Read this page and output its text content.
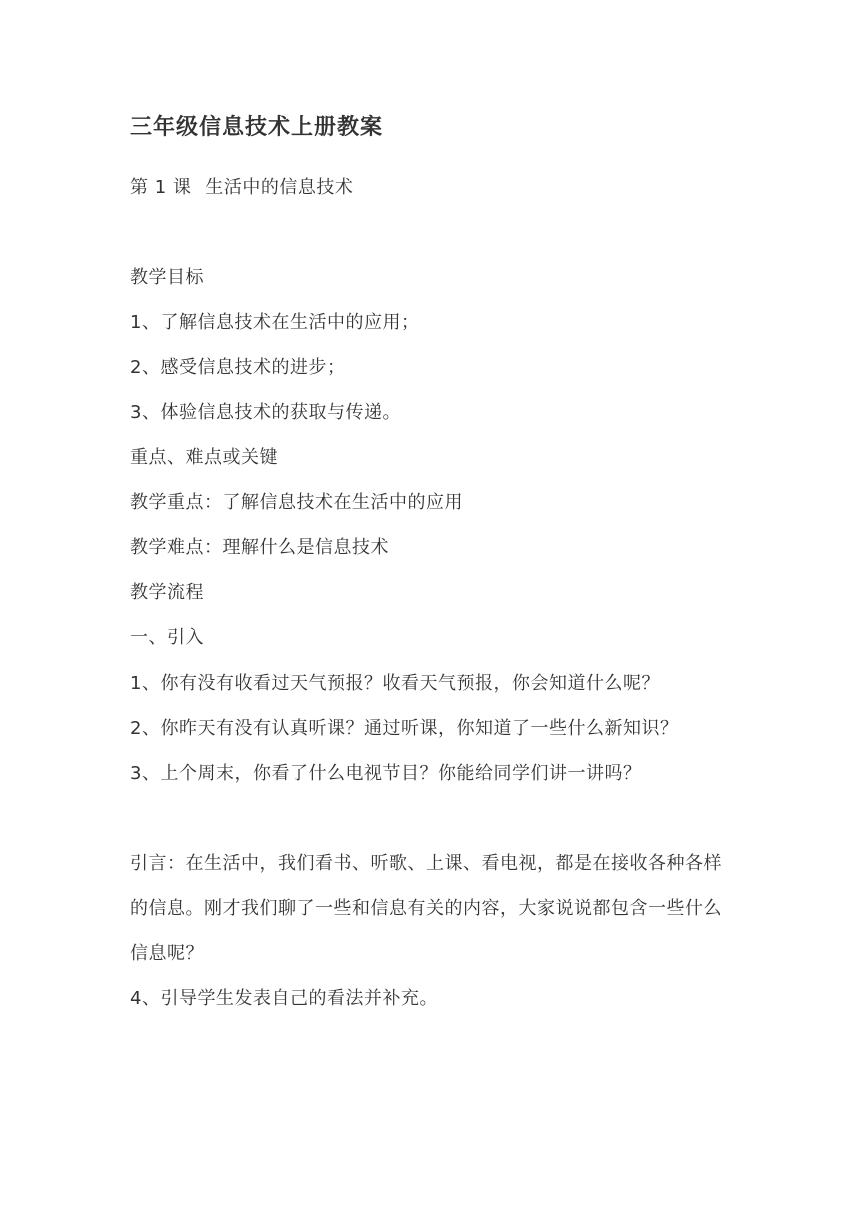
三年级信息技术上册教案
第 1 课 生活中的信息技术
教学目标
1、了解信息技术在生活中的应用；
2、感受信息技术的进步；
3、体验信息技术的获取与传递。
重点、难点或关键
教学重点：了解信息技术在生活中的应用
教学难点：理解什么是信息技术
教学流程
一、引入
1、你有没有收看过天气预报？收看天气预报，你会知道什么呢？
2、你昨天有没有认真听课？通过听课，你知道了一些什么新知识？
3、上个周末，你看了什么电视节目？你能给同学们讲一讲吗？
引言：在生活中，我们看书、听歌、上课、看电视，都是在接收各种各样的信息。刚才我们聊了一些和信息有关的内容，大家说说都包含一些什么信息呢？
4、引导学生发表自己的看法并补充。
